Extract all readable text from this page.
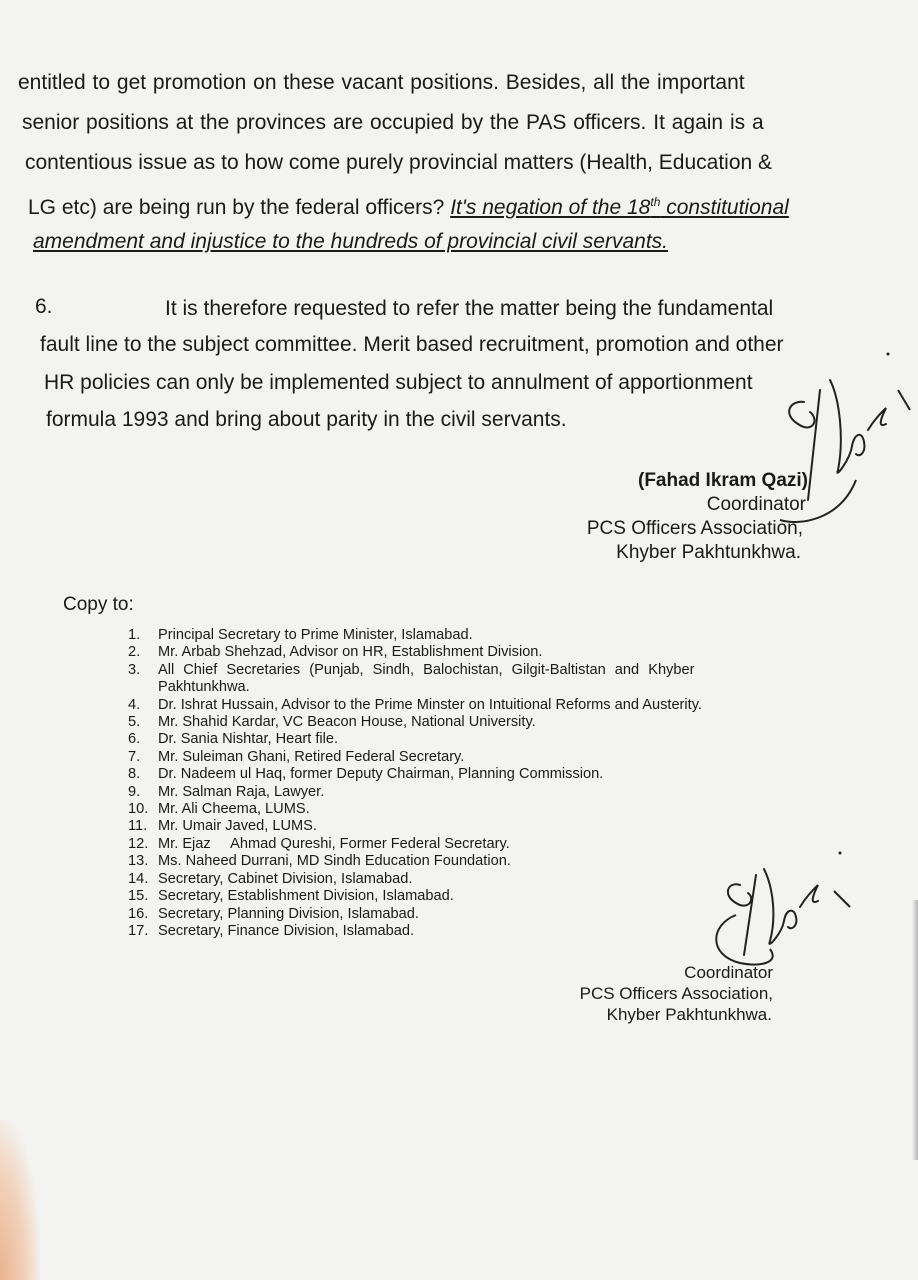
entitled to get promotion on these vacant positions. Besides, all the important
senior positions at the provinces are occupied by the PAS officers. It again is a
contentious issue as to how come purely provincial matters (Health, Education &
LG etc) are being run by the federal officers? It's negation of the 18th constitutional
amendment and injustice to the hundreds of provincial civil servants.
6.	It is therefore requested to refer the matter being the fundamental
fault line to the subject committee. Merit based recruitment, promotion and other
HR policies can only be implemented subject to annulment of apportionment
formula 1993 and bring about parity in the civil servants.
(Fahad Ikram Qazi)
Coordinator
PCS Officers Association,
Khyber Pakhtunkhwa.
Copy to:
1.	Principal Secretary to Prime Minister, Islamabad.
2.	Mr. Arbab Shehzad, Advisor on HR, Establishment Division.
3.	All Chief Secretaries (Punjab, Sindh, Balochistan, Gilgit-Baltistan and Khyber Pakhtunkhwa.
4.	Dr. Ishrat Hussain, Advisor to the Prime Minster on Intuitional Reforms and Austerity.
5.	Mr. Shahid Kardar, VC Beacon House, National University.
6.	Dr. Sania Nishtar, Heart file.
7.	Mr. Suleiman Ghani, Retired Federal Secretary.
8.	Dr. Nadeem ul Haq, former Deputy Chairman, Planning Commission.
9.	Mr. Salman Raja, Lawyer.
10. Mr. Ali Cheema, LUMS.
11. Mr. Umair Javed, LUMS.
12. Mr. Ejaz     Ahmad Qureshi, Former Federal Secretary.
13. Ms. Naheed Durrani, MD Sindh Education Foundation.
14. Secretary, Cabinet Division, Islamabad.
15. Secretary, Establishment Division, Islamabad.
16. Secretary, Planning Division, Islamabad.
17. Secretary, Finance Division, Islamabad.
Coordinator
PCS Officers Association,
Khyber Pakhtunkhwa.
